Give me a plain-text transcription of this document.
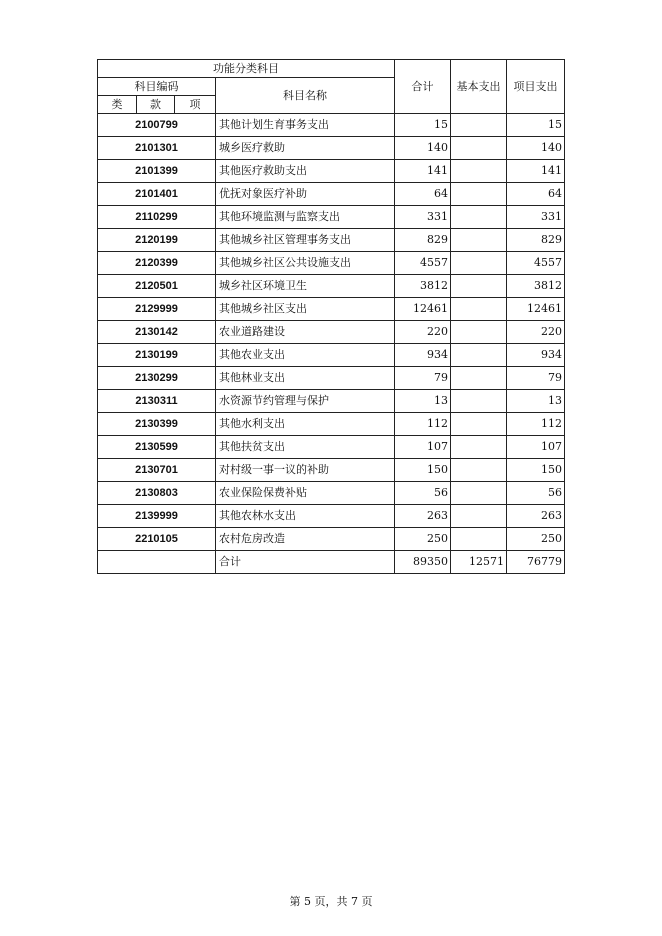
功能分类科目				合计	基本支出	项目支出
科目编码			科目名称			
类	款	项				
2100799			其他计划生育事务支出	15		15
2101301			城乡医疗救助	140		140
2101399			其他医疗救助支出	141		141
2101401			优抚对象医疗补助	64		64
2110299			其他环境监测与监察支出	331		331
2120199			其他城乡社区管理事务支出	829		829
2120399			其他城乡社区公共设施支出	4557		4557
2120501			城乡社区环境卫生	3812		3812
2129999			其他城乡社区支出	12461		12461
2130142			农业道路建设	220		220
2130199			其他农业支出	934		934
2130299			其他林业支出	79		79
2130311			水资源节约管理与保护	13		13
2130399			其他水利支出	112		112
2130599			其他扶贫支出	107		107
2130701			对村级一事一议的补助	150		150
2130803			农业保险保费补贴	56		56
2139999			其他农林水支出	263		263
2210105			农村危房改造	250		250
			合计	89350	12571	76779
第 5 页，共 7 页
